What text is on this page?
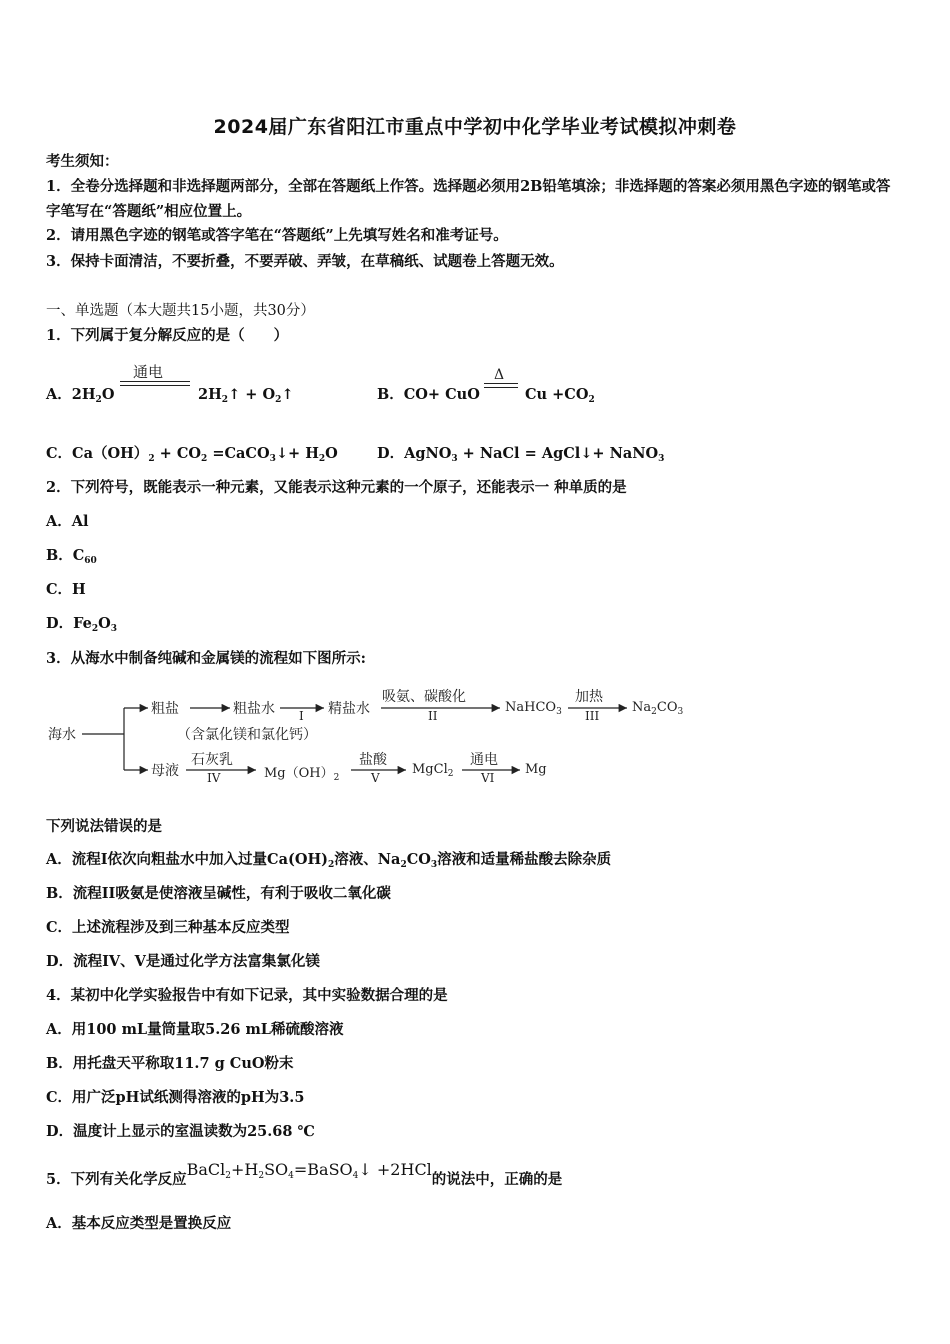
2024届广东省阳江市重点中学初中化学毕业考试模拟冲刺卷
考生须知：
1．全卷分选择题和非选择题两部分，全部在答题纸上作答。选择题必须用2B铅笔填涂；非选择题的答案必须用黑色字迹的钢笔或答字笔写在“答题纸”相应位置上。
2．请用黑色字迹的钢笔或答字笔在“答题纸”上先填写姓名和准考证号。
3．保持卡面清洁，不要折叠，不要弄破、弄皱，在草稿纸、试题卷上答题无效。
一、单选题（本大题共15小题，共30分）
1．下列属于复分解反应的是（　　）
A．$2H_2O$
通电
$2H_2↑$ + $O_2↑$	B．CO+ CuO
Δ
$Cu +CO_2$
C．$Ca(OH)_2 + CO_2$ =CaCO$_3$↓+ $H_2O$	D．AgNO$_3$ + NaCl = AgCl↓+ NaNO$_3$
2．下列符号，既能表示一种元素，又能表示这种元素的一个原子，还能表示一 种单质的是
A．Al
B．$C_{60}$
C．H
D．$Fe_2O_3$
3．从海水中制备纯碱和金属镁的流程如下图所示:
海水
粗盐	粗盐水
（含氯化镁和氯化钙）
精盐水
I
吸氨、碳酸化
II
NaHCO$_3$
加热
III
$Na_2CO_3$
母液
石灰乳
IV	$Mg(OH)_2$
盐酸
V
MgCl$_2$
通电
VI
Mg
下列说法错误的是
A．流程I依次向粗盐水中加入过量$Ca(OH)_2$溶液、$Na_2CO_3$溶液和适量稀盐酸去除杂质
B．流程II吸氨是使溶液呈碱性，有利于吸收二氧化碳
C．上述流程涉及到三种基本反应类型
D．流程IV、V是通过化学方法富集氯化镁
4．某初中化学实验报告中有如下记录，其中实验数据合理的是
A．用100 mL量筒量取5.26 mL稀硫酸溶液
B．用托盘天平称取11.7 g CuO粉末
C．用广泛pH试纸测得溶液的pH为3.5
D．温度计上显示的室温读数为25.68 ℃
5．下列有关化学反应$BaCl_2+H_2SO_4=BaSO_4↓ +2HCl$的说法中，正确的是
A．基本反应类型是置换反应
